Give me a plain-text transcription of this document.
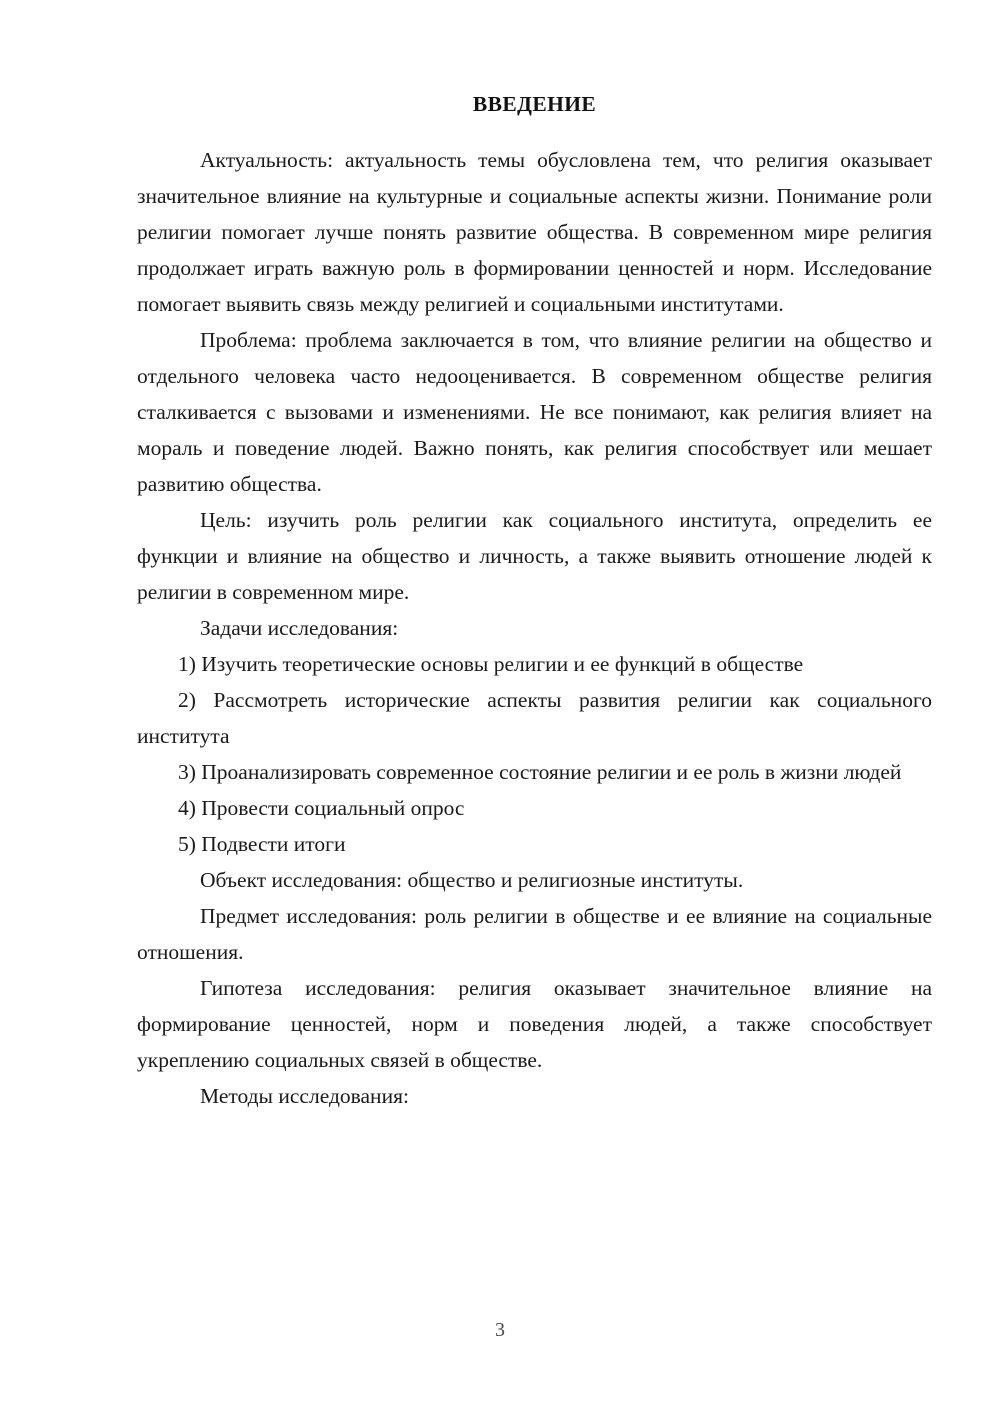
ВВЕДЕНИЕ

Актуальность: актуальность темы обусловлена тем, что религия оказывает значительное влияние на культурные и социальные аспекты жизни. Понимание роли религии помогает лучше понять развитие общества. В современном мире религия продолжает играть важную роль в формировании ценностей и норм. Исследование помогает выявить связь между религией и социальными институтами.

Проблема: проблема заключается в том, что влияние религии на общество и отдельного человека часто недооценивается. В современном обществе религия сталкивается с вызовами и изменениями. Не все понимают, как религия влияет на мораль и поведение людей. Важно понять, как религия способствует или мешает развитию общества.

Цель: изучить роль религии как социального института, определить ее функции и влияние на общество и личность, а также выявить отношение людей к религии в современном мире.

Задачи исследования:

1) Изучить теоретические основы религии и ее функций в обществе

2) Рассмотреть исторические аспекты развития религии как социального института

3) Проанализировать современное состояние религии и ее роль в жизни людей

4) Провести социальный опрос

5) Подвести итоги

Объект исследования: общество и религиозные институты.

Предмет исследования: роль религии в обществе и ее влияние на социальные отношения.

Гипотеза исследования: религия оказывает значительное влияние на формирование ценностей, норм и поведения людей, а также способствует укреплению социальных связей в обществе.

Методы исследования:

3
